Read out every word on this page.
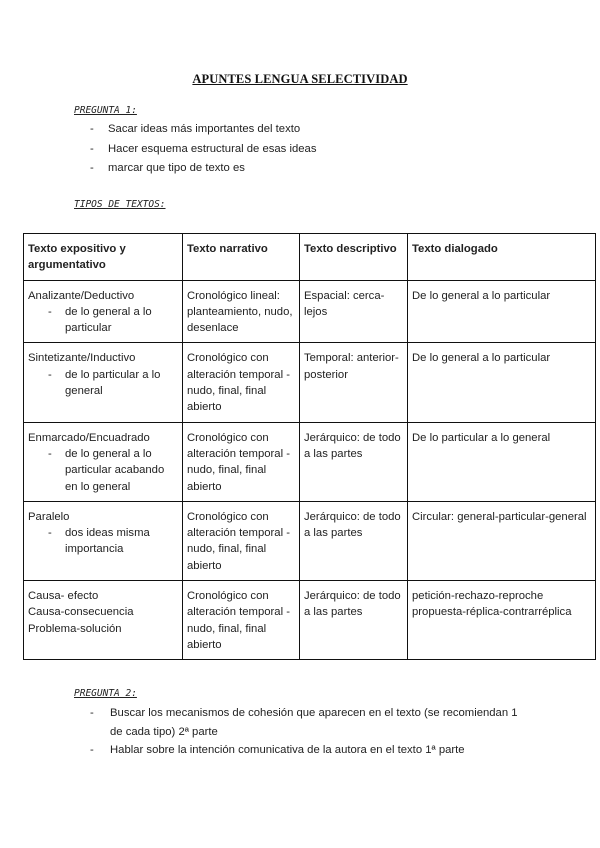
APUNTES LENGUA SELECTIVIDAD
PREGUNTA 1:
- Sacar ideas más importantes del texto
- Hacer esquema estructural de esas ideas
- marcar que tipo de texto es
TIPOS DE TEXTOS:
Texto expositivo y argumentativo	Texto narrativo	Texto descriptivo	Texto dialogado

Analizante/Deductivo
- de lo general a lo particular	Cronológico lineal: planteamiento, nudo, desenlace	Espacial: cerca-lejos	De lo general a lo particular

Sintetizante/Inductivo
- de lo particular a lo general	Cronológico con alteración temporal -nudo, final, final abierto	Temporal: anterior-posterior	De lo general a lo particular

Enmarcado/Encuadrado
- de lo general a lo particular acabando en lo general	Cronológico con alteración temporal -nudo, final, final abierto	Jerárquico: de todo a las partes	De lo particular a lo general

Paralelo
- dos ideas misma importancia	Cronológico con alteración temporal -nudo, final, final abierto	Jerárquico: de todo a las partes	Circular: general-particular-general

Causa- efecto
Causa-consecuencia
Problema-solución	Cronológico con alteración temporal -nudo, final, final abierto	Jerárquico: de todo a las partes	petición-rechazo-reproche propuesta-réplica-contrarréplica
PREGUNTA 2:
- Buscar los mecanismos de cohesión que aparecen en el texto (se recomiendan 1 de cada tipo) 2ª parte
- Hablar sobre la intención comunicativa de la autora en el texto 1ª parte
